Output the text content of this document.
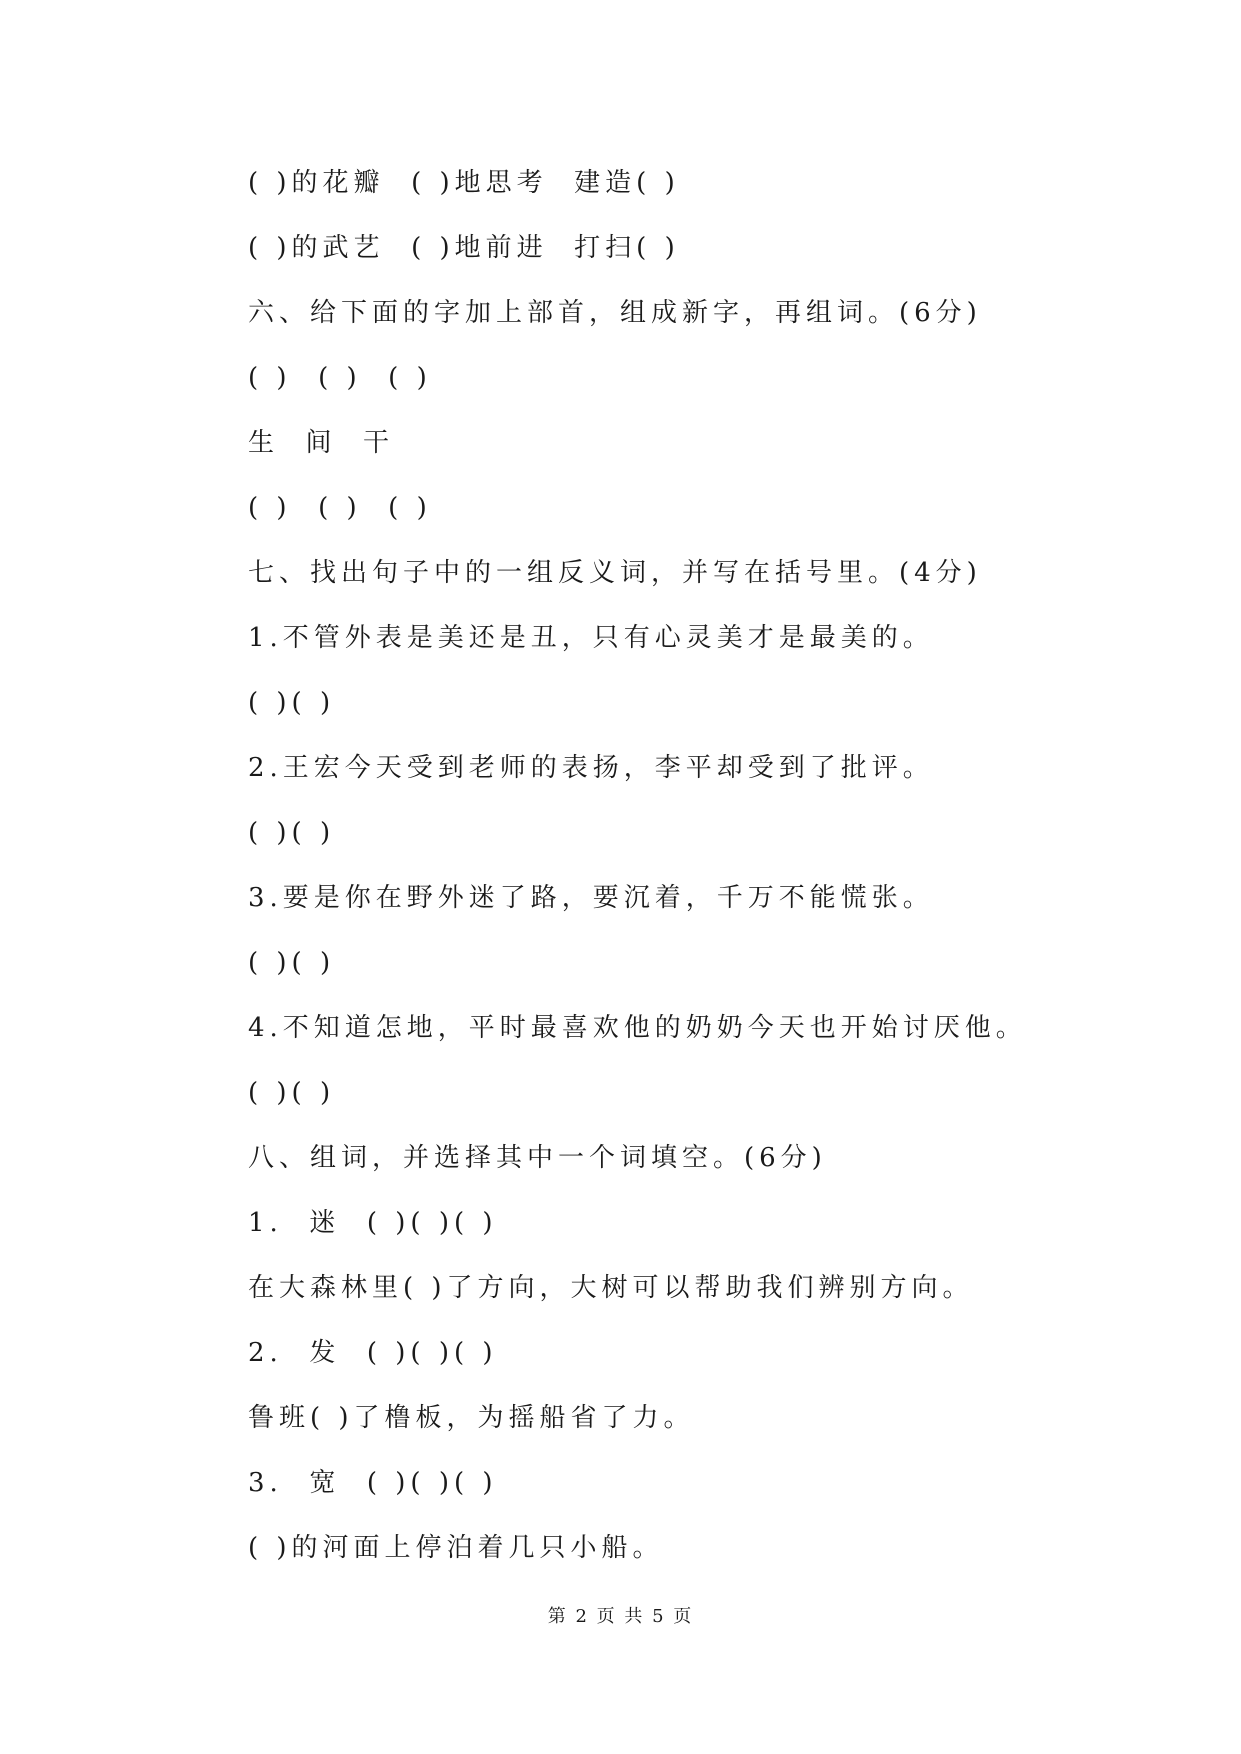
( )的花瓣  ( )地思考  建造( )
( )的武艺  ( )地前进  打扫( )
六、给下面的字加上部首，组成新字，再组词。(6分)
( )  ( )  ( )
生  间  干
( )  ( )  ( )
七、找出句子中的一组反义词，并写在括号里。(4分)
1.不管外表是美还是丑，只有心灵美才是最美的。
( )( )
2.王宏今天受到老师的表扬，李平却受到了批评。
( )( )
3.要是你在野外迷了路，要沉着，千万不能慌张。
( )( )
4.不知道怎地，平时最喜欢他的奶奶今天也开始讨厌他。
( )( )
八、组词，并选择其中一个词填空。(6分)
1.  迷  ( )( )( )
在大森林里( )了方向，大树可以帮助我们辨别方向。
2.  发  ( )( )( )
鲁班( )了橹板，为摇船省了力。
3.  宽  ( )( )( )
( )的河面上停泊着几只小船。
第 2 页 共 5 页
